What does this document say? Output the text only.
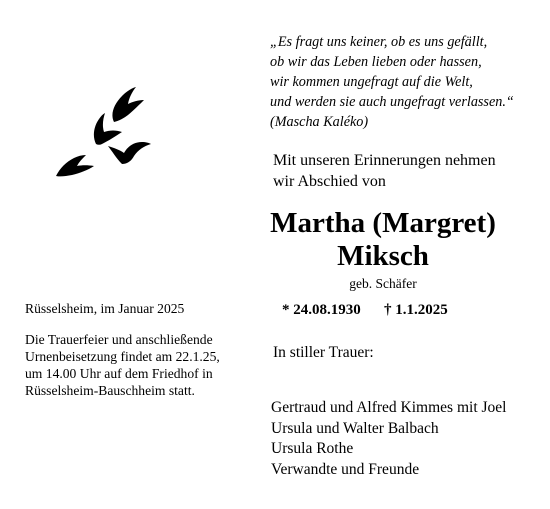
„Es fragt uns keiner, ob es uns gefällt,
ob wir das Leben lieben oder hassen,
wir kommen ungefragt auf die Welt,
und werden sie auch ungefragt verlassen.“
(Mascha Kaléko)
Mit unseren Erinnerungen nehmen
wir Abschied von
Martha (Margret)
Miksch
geb. Schäfer
* 24.08.1930 † 1.1.2025
In stiller Trauer:
Gertraud und Alfred Kimmes mit Joel
Ursula und Walter Balbach
Ursula Rothe
Verwandte und Freunde
Rüsselsheim, im Januar 2025
Die Trauerfeier und anschließende
Urnenbeisetzung findet am 22.1.25,
um 14.00 Uhr auf dem Friedhof in
Rüsselsheim-Bauschheim statt.
